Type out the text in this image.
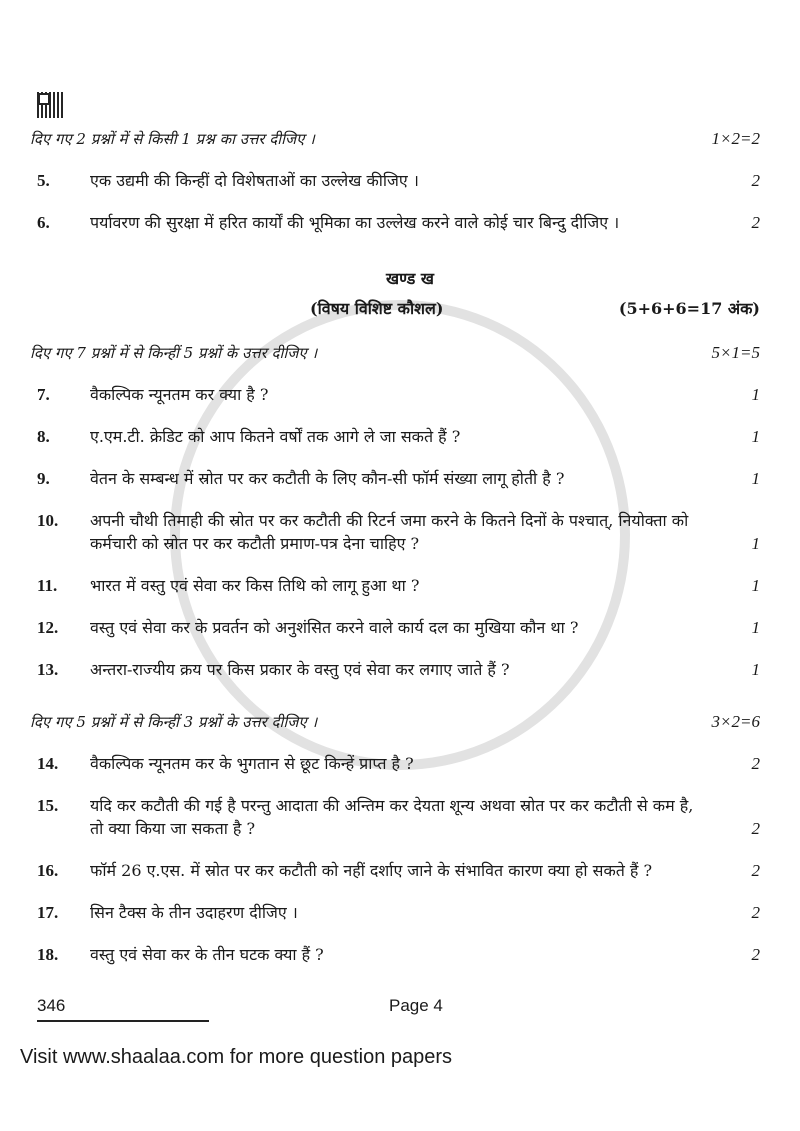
दिए गए 2 प्रश्नों में से किसी 1 प्रश्न का उत्तर दीजिए ।	1×2=2
5.	एक उद्यमी की किन्हीं दो विशेषताओं का उल्लेख कीजिए ।	2
6.	पर्यावरण की सुरक्षा में हरित कार्यों की भूमिका का उल्लेख करने वाले कोई चार बिन्दु दीजिए ।	2
खण्ड ख
(विषय विशिष्ट कौशल)	(5+6+6=17 अंक)
दिए गए 7 प्रश्नों में से किन्हीं 5 प्रश्नों के उत्तर दीजिए ।	5×1=5
7.	वैकल्पिक न्यूनतम कर क्या है ?	1
8.	ए.एम.टी. क्रेडिट को आप कितने वर्षों तक आगे ले जा सकते हैं ?	1
9.	वेतन के सम्बन्ध में स्रोत पर कर कटौती के लिए कौन-सी फॉर्म संख्या लागू होती है ?	1
10.	अपनी चौथी तिमाही की स्रोत पर कर कटौती की रिटर्न जमा करने के कितने दिनों के पश्चात्, नियोक्ता को कर्मचारी को स्रोत पर कर कटौती प्रमाण-पत्र देना चाहिए ?	1
11.	भारत में वस्तु एवं सेवा कर किस तिथि को लागू हुआ था ?	1
12.	वस्तु एवं सेवा कर के प्रवर्तन को अनुशंसित करने वाले कार्य दल का मुखिया कौन था ?	1
13.	अन्तरा-राज्यीय क्रय पर किस प्रकार के वस्तु एवं सेवा कर लगाए जाते हैं ?	1
दिए गए 5 प्रश्नों में से किन्हीं 3 प्रश्नों के उत्तर दीजिए ।	3×2=6
14.	वैकल्पिक न्यूनतम कर के भुगतान से छूट किन्हें प्राप्त है ?	2
15.	यदि कर कटौती की गई है परन्तु आदाता की अन्तिम कर देयता शून्य अथवा स्रोत पर कर कटौती से कम है, तो क्या किया जा सकता है ?	2
16.	फॉर्म 26 ए.एस. में स्रोत पर कर कटौती को नहीं दर्शाए जाने के संभावित कारण क्या हो सकते हैं ?	2
17.	सिन टैक्स के तीन उदाहरण दीजिए ।	2
18.	वस्तु एवं सेवा कर के तीन घटक क्या हैं ?	2
346	Page 4
Visit www.shaalaa.com for more question papers
